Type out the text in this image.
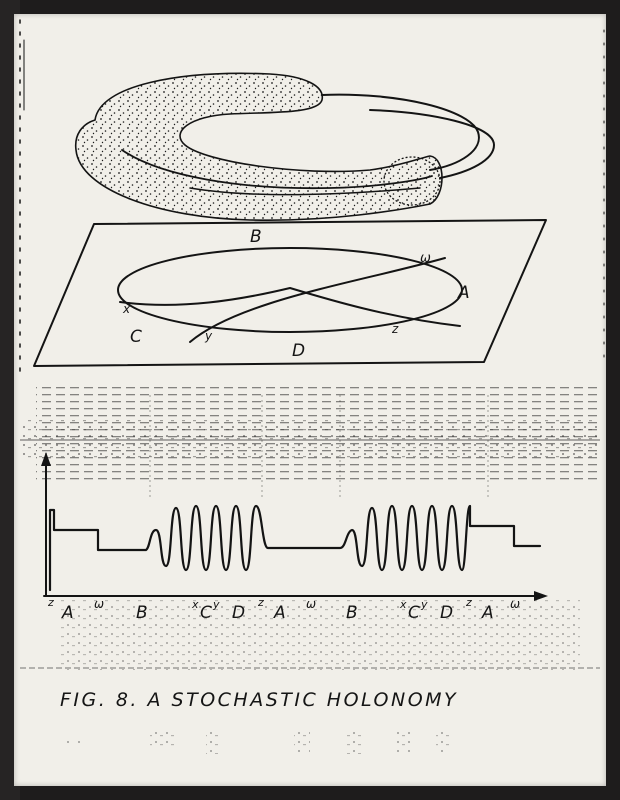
B
A
C
D
ω
x
y	z
z
A ω B	x C y D
z
A ω B	x C y D
z
A ω
FIG. 8. A STOCHASTIC HOLONOMY
